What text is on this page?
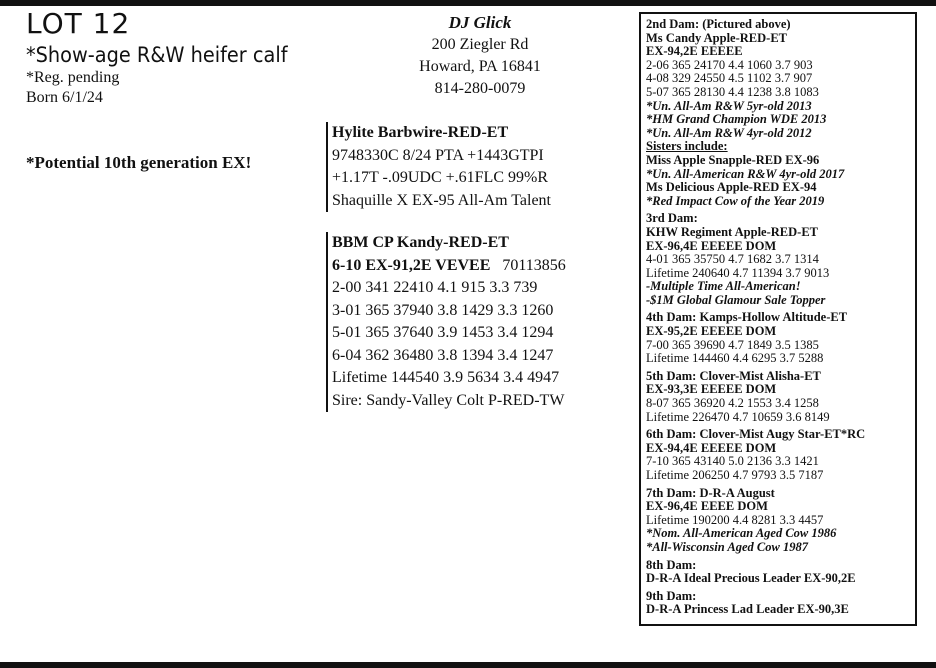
LOT 12
*Show-age R&W heifer calf
*Reg. pending
Born 6/1/24
*Potential 10th generation EX!
DJ Glick
200 Ziegler Rd
Howard, PA 16841
814-280-0079
Hylite Barbwire-RED-ET
9748330C 8/24 PTA +1443GTPI
+1.17T -.09UDC +.61FLC 99%R
Shaquille X EX-95 All-Am Talent
BBM CP Kandy-RED-ET
6-10 EX-91,2E VEVEE 70113856
2-00 341 22410 4.1 915 3.3 739
3-01 365 37940 3.8 1429 3.3 1260
5-01 365 37640 3.9 1453 3.4 1294
6-04 362 36480 3.8 1394 3.4 1247
Lifetime 144540 3.9 5634 3.4 4947
Sire: Sandy-Valley Colt P-RED-TW
2nd Dam: (Pictured above)
Ms Candy Apple-RED-ET
EX-94,2E EEEEE
2-06 365 24170 4.4 1060 3.7 903
4-08 329 24550 4.5 1102 3.7 907
5-07 365 28130 4.4 1238 3.8 1083
*Un. All-Am R&W 5yr-old 2013
*HM Grand Champion WDE 2013
*Un. All-Am R&W 4yr-old 2012
Sisters include:
Miss Apple Snapple-RED EX-96
*Un. All-American R&W 4yr-old 2017
Ms Delicious Apple-RED EX-94
*Red Impact Cow of the Year 2019
3rd Dam:
KHW Regiment Apple-RED-ET
EX-96,4E EEEEE DOM
4-01 365 35750 4.7 1682 3.7 1314
Lifetime 240640 4.7 11394 3.7 9013
-Multiple Time All-American!
-$1M Global Glamour Sale Topper
4th Dam: Kamps-Hollow Altitude-ET
EX-95,2E EEEEE DOM
7-00 365 39690 4.7 1849 3.5 1385
Lifetime 144460 4.4 6295 3.7 5288
5th Dam: Clover-Mist Alisha-ET
EX-93,3E EEEEE DOM
8-07 365 36920 4.2 1553 3.4 1258
Lifetime 226470 4.7 10659 3.6 8149
6th Dam: Clover-Mist Augy Star-ET*RC
EX-94,4E EEEEE DOM
7-10 365 43140 5.0 2136 3.3 1421
Lifetime 206250 4.7 9793 3.5 7187
7th Dam: D-R-A August
EX-96,4E EEEE DOM
Lifetime 190200 4.4 8281 3.3 4457
*Nom. All-American Aged Cow 1986
*All-Wisconsin Aged Cow 1987
8th Dam:
D-R-A Ideal Precious Leader EX-90,2E
9th Dam:
D-R-A Princess Lad Leader EX-90,3E
